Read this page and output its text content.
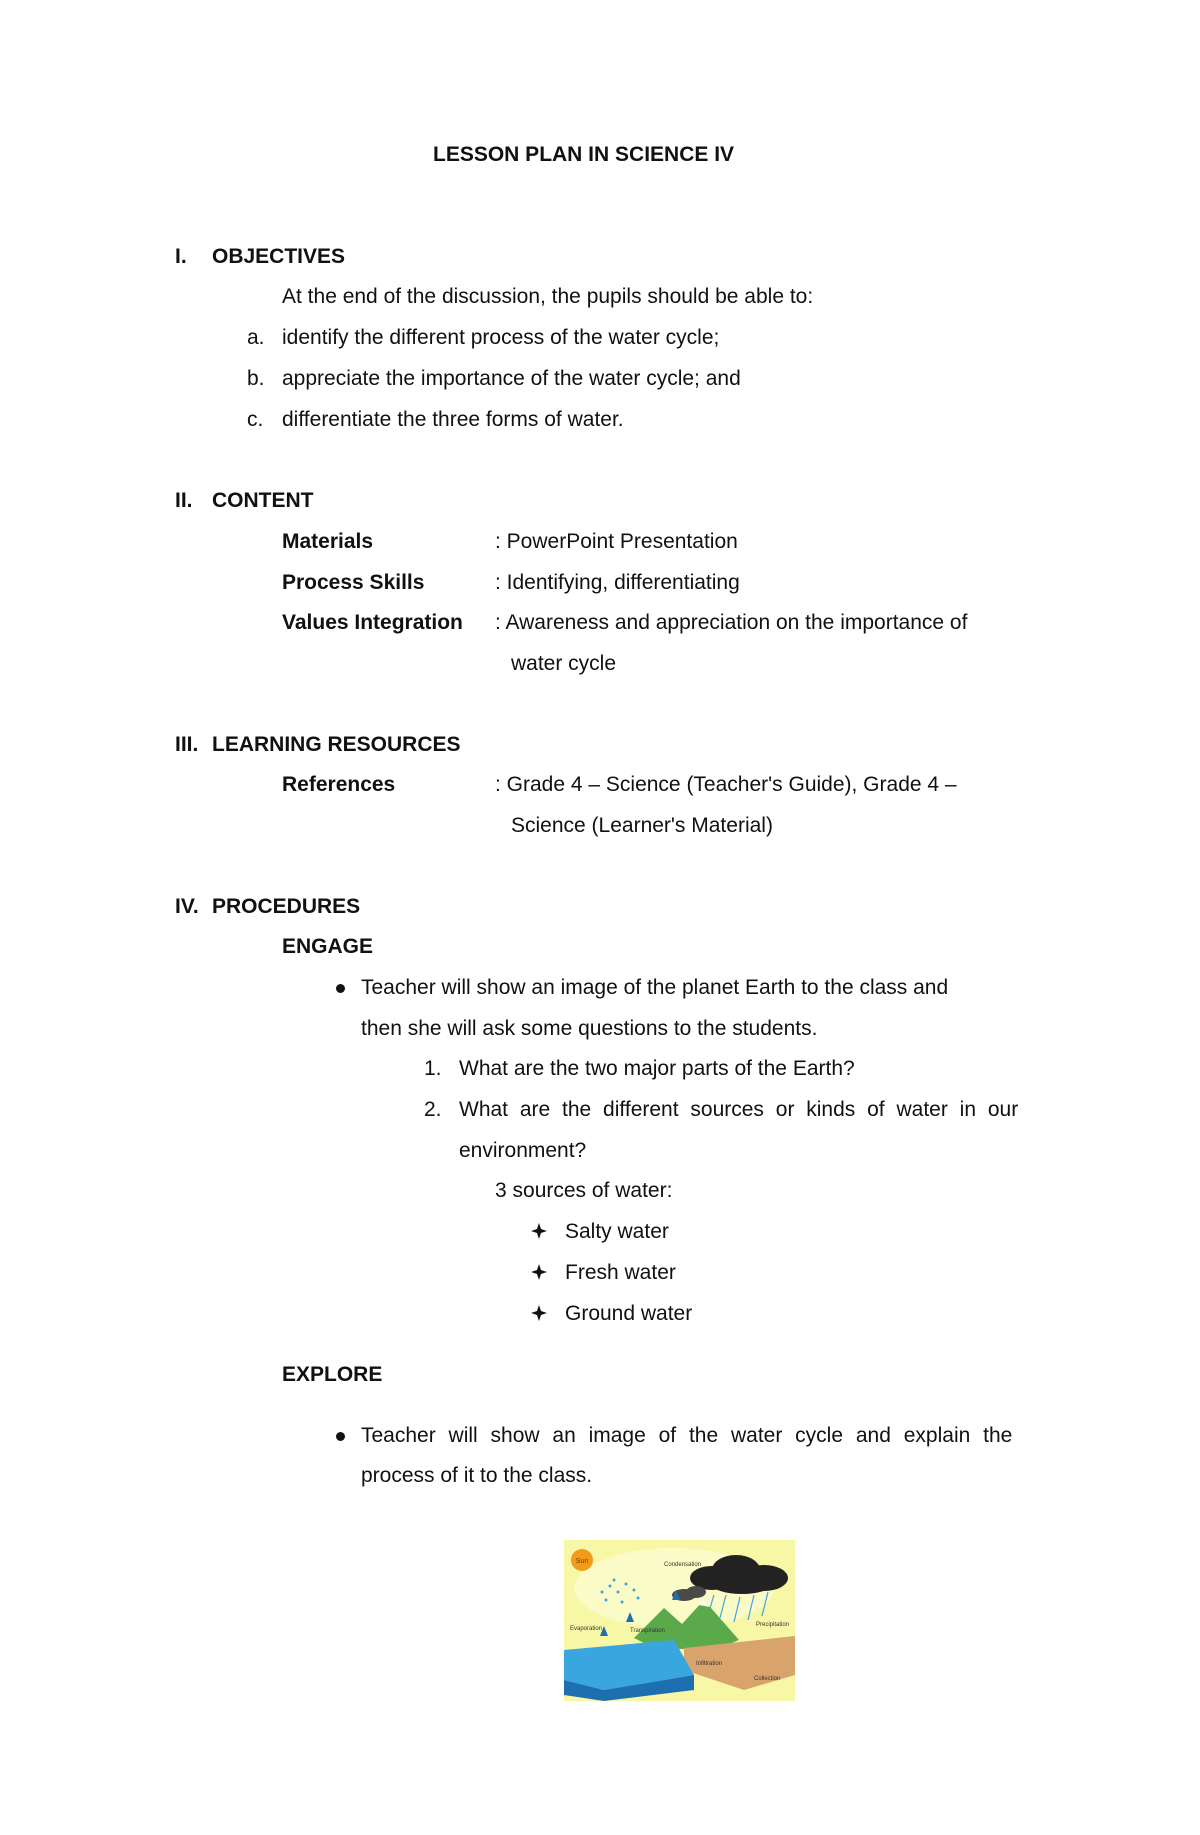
LESSON PLAN IN SCIENCE IV
I. OBJECTIVES
At the end of the discussion, the pupils should be able to:
a. identify the different process of the water cycle;
b. appreciate the importance of the water cycle; and
c. differentiate the three forms of water.
II. CONTENT
Materials	: PowerPoint Presentation
Process Skills	: Identifying, differentiating
Values Integration : Awareness and appreciation on the importance of
water cycle
III. LEARNING RESOURCES
References	: Grade 4 – Science (Teacher's Guide), Grade 4 –
Science (Learner's Material)
IV. PROCEDURES
ENGAGE
Teacher will show an image of the planet Earth to the class and
then she will ask some questions to the students.
1. What are the two major parts of the Earth?
2. What are the different sources or kinds of water in our
environment?
3 sources of water:
Salty water
Fresh water
Ground water
EXPLORE
Teacher will show an image of the water cycle and explain the
process of it to the class.
Sun	Condensation
Evaporation	Transpiration
Precipitation
Infiltration
Collection
